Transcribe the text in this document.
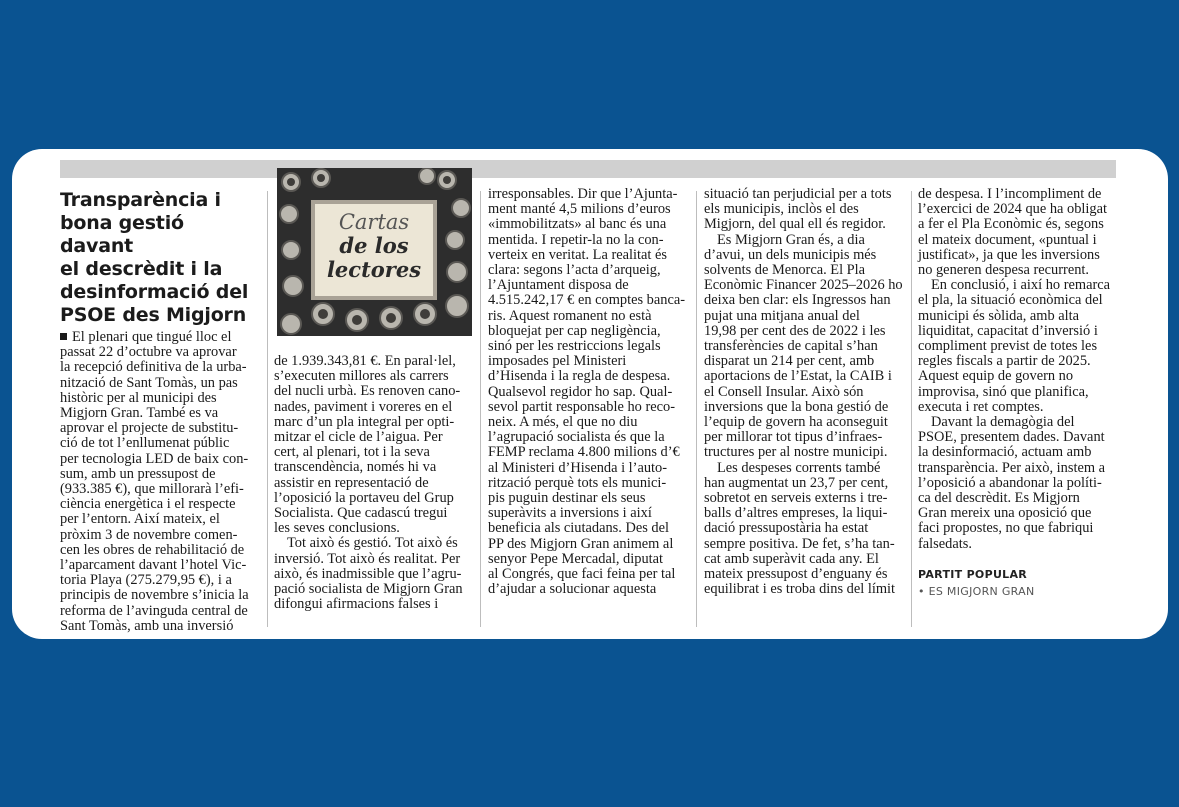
Transparència i
bona gestió davant
el descrèdit i la
desinformació del
PSOE des Migjorn

El plenari que tingué lloc el
passat 22 d’octubre va aprovar
la recepció definitiva de la urba-
nització de Sant Tomàs, un pas
històric per al municipi des
Migjorn Gran. També es va
aprovar el projecte de substitu-
ció de tot l’enllumenat públic
per tecnologia LED de baix con-
sum, amb un pressupost de
(933.385 €), que millorarà l’efi-
ciència energètica i el respecte
per l’entorn. Així mateix, el
pròxim 3 de novembre comen-
cen les obres de rehabilitació de
l’aparcament davant l’hotel Vic-
toria Playa (275.279,95 €), i a
principis de novembre s’inicia la
reforma de l’avinguda central de
Sant Tomàs, amb una inversió

Cartas
de los
lectores

de 1.939.343,81 €. En paral·lel,
s’executen millores als carrers
del nucli urbà. Es renoven cano-
nades, paviment i voreres en el
marc d’un pla integral per opti-
mitzar el cicle de l’aigua. Per
cert, al plenari, tot i la seva
transcendència, només hi va
assistir en representació de
l’oposició la portaveu del Grup
Socialista. Que cadascú tregui
les seves conclusions.

Tot això és gestió. Tot això és
inversió. Tot això és realitat. Per
això, és inadmissible que l’agru-
pació socialista de Migjorn Gran
difongui afirmacions falses i

irresponsables. Dir que l’Ajunta-
ment manté 4,5 milions d’euros
«immobilitzats» al banc és una
mentida. I repetir-la no la con-
verteix en veritat. La realitat és
clara: segons l’acta d’arqueig,
l’Ajuntament disposa de
4.515.242,17 € en comptes banca-
ris. Aquest romanent no està
bloquejat per cap negligència,
sinó per les restriccions legals
imposades pel Ministeri
d’Hisenda i la regla de despesa.
Qualsevol regidor ho sap. Qual-
sevol partit responsable ho reco-
neix. A més, el que no diu
l’agrupació socialista és que la
FEMP reclama 4.800 milions d’€
al Ministeri d’Hisenda i l’auto-
rització perquè tots els munici-
pis puguin destinar els seus
superàvits a inversions i així
beneficia als ciutadans. Des del
PP des Migjorn Gran animem al
senyor Pepe Mercadal, diputat
al Congrés, que faci feina per tal
d’ajudar a solucionar aquesta

situació tan perjudicial per a tots
els municipis, inclòs el des
Migjorn, del qual ell és regidor.

Es Migjorn Gran és, a dia
d’avui, un dels municipis més
solvents de Menorca. El Pla
Econòmic Financer 2025–2026 ho
deixa ben clar: els Ingressos han
pujat una mitjana anual del
19,98 per cent des de 2022 i les
transferències de capital s’han
disparat un 214 per cent, amb
aportacions de l’Estat, la CAIB i
el Consell Insular. Això són
inversions que la bona gestió de
l’equip de govern ha aconseguit
per millorar tot tipus d’infraes-
tructures per al nostre municipi.

Les despeses corrents també
han augmentat un 23,7 per cent,
sobretot en serveis externs i tre-
balls d’altres empreses, la liqui-
dació pressupostària ha estat
sempre positiva. De fet, s’ha tan-
cat amb superàvit cada any. El
mateix pressupost d’enguany és
equilibrat i es troba dins del límit

de despesa. I l’incompliment de
l’exercici de 2024 que ha obligat
a fer el Pla Econòmic és, segons
el mateix document, «puntual i
justificat», ja que les inversions
no generen despesa recurrent.

En conclusió, i així ho remarca
el pla, la situació econòmica del
municipi és sòlida, amb alta
liquiditat, capacitat d’inversió i
compliment previst de totes les
regles fiscals a partir de 2025.
Aquest equip de govern no
improvisa, sinó que planifica,
executa i ret comptes.

Davant la demagògia del
PSOE, presentem dades. Davant
la desinformació, actuam amb
transparència. Per això, instem a
l’oposició a abandonar la políti-
ca del descrèdit. Es Migjorn
Gran mereix una oposició que
faci propostes, no que fabriqui
falsedats.

PARTIT POPULAR
• ES MIGJORN GRAN
